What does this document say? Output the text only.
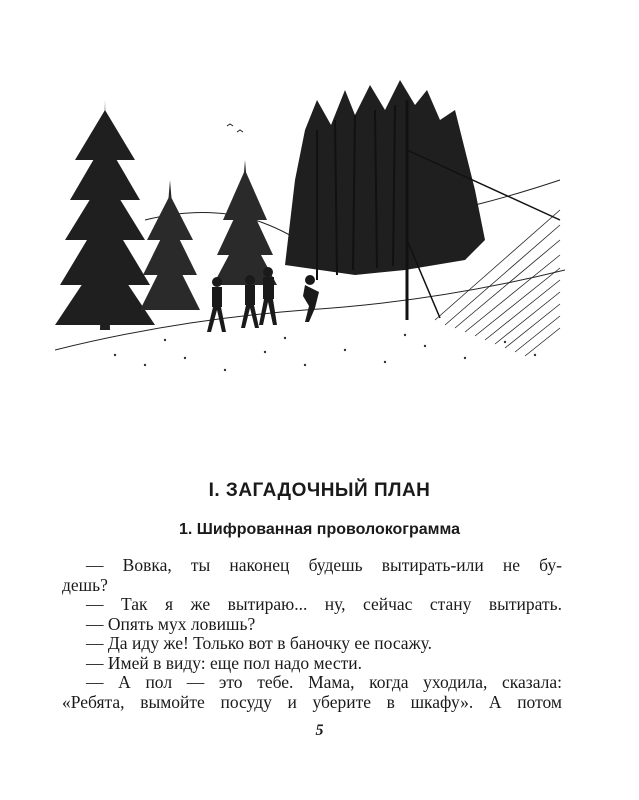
I. ЗАГАДОЧНЫЙ ПЛАН
1. Шифрованная проволокограмма
— Вовка, ты наконец будешь вытирать-или не бу-
дешь?
— Так я же вытираю... ну, сейчас стану вытирать.
— Опять мух ловишь?
— Да иду же! Только вот в баночку ее посажу.
— Имей в виду: еще пол надо мести.
— А пол — это тебе. Мама, когда уходила, сказала:
«Ребята, вымойте посуду и уберите в шкафу». А потом
5
